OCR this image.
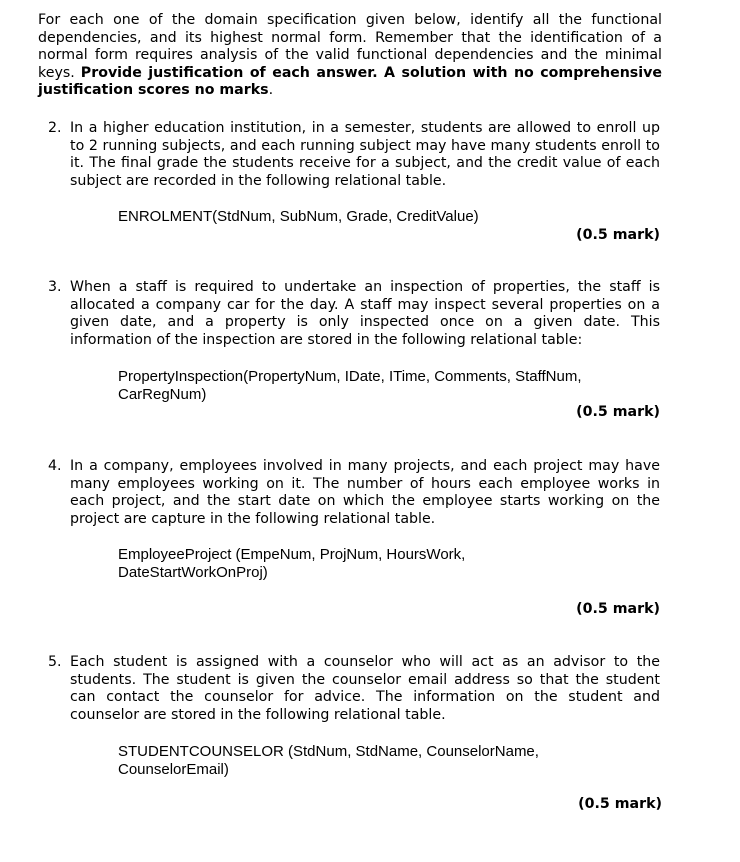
For each one of the domain specification given below, identify all the functional dependencies, and its highest normal form. Remember that the identification of a normal form requires analysis of the valid functional dependencies and the minimal keys. Provide justification of each answer. A solution with no comprehensive justification scores no marks.
2. In a higher education institution, in a semester, students are allowed to enroll up to 2 running subjects, and each running subject may have many students enroll to it. The final grade the students receive for a subject, and the credit value of each subject are recorded in the following relational table.
ENROLMENT(StdNum, SubNum, Grade, CreditValue)
(0.5 mark)
3. When a staff is required to undertake an inspection of properties, the staff is allocated a company car for the day. A staff may inspect several properties on a given date, and a property is only inspected once on a given date. This information of the inspection are stored in the following relational table:
PropertyInspection(PropertyNum, IDate, ITime, Comments, StaffNum,
CarRegNum)
(0.5 mark)
4. In a company, employees involved in many projects, and each project may have many employees working on it. The number of hours each employee works in each project, and the start date on which the employee starts working on the project are capture in the following relational table.
EmployeeProject (EmpeNum, ProjNum, HoursWork,
DateStartWorkOnProj)
(0.5 mark)
5. Each student is assigned with a counselor who will act as an advisor to the students. The student is given the counselor email address so that the student can contact the counselor for advice. The information on the student and counselor are stored in the following relational table.
STUDENTCOUNSELOR (StdNum, StdName, CounselorName,
CounselorEmail)
(0.5 mark)
